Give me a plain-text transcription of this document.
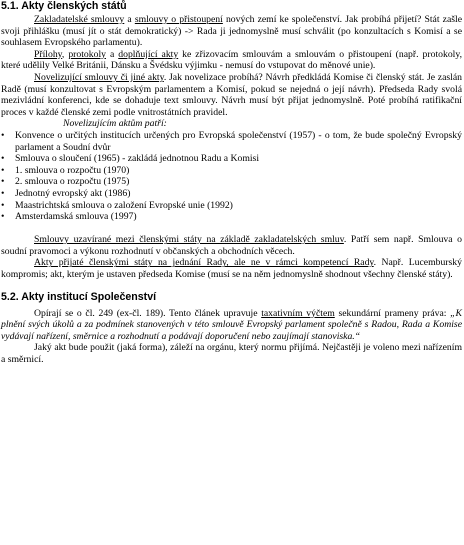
5.1. Akty členských států

Zakladatelské smlouvy a smlouvy o přistoupení nových zemí ke společenství. Jak probíhá přijetí? Stát zašle svoji přihlášku (musí jít o stát demokratický) -> Rada ji jednomyslně musí schválit (po konzultacích s Komisí a se souhlasem Evropského parlamentu).

Přílohy, protokoly a doplňující akty ke zřizovacím smlouvám a smlouvám o přistoupení (např. protokoly, které udělily Velké Británii, Dánsku a Švédsku výjimku - nemusí do vstupovat do měnové unie).

Novelizující smlouvy či jiné akty. Jak novelizace probíhá? Návrh předkládá Komise či členský stát. Je zaslán Radě (musí konzultovat s Evropským parlamentem a Komisí, pokud se nejedná o její návrh). Předseda Rady svolá mezivládní konferenci, kde se dohaduje text smlouvy. Návrh musí být přijat jednomyslně. Poté probíhá ratifikační proces v každé členské zemi podle vnitrostátních pravidel.

Novelizujícím aktům patří:

•	Konvence o určitých institucích určených pro Evropská společenství (1957) - o tom, že bude společný Evropský parlament a Soudní dvůr
•	Smlouva o sloučení (1965) - zakládá jednotnou Radu a Komisi
•	1. smlouva o rozpočtu (1970)
•	2. smlouva o rozpočtu (1975)
•	Jednotný evropský akt (1986)
•	Maastrichtská smlouva o založení Evropské unie (1992)
•	Amsterdamská smlouva (1997)

Smlouvy uzavírané mezi členskými státy na základě zakladatelských smluv. Patří sem např. Smlouva o soudní pravomoci a výkonu rozhodnutí v občanských a obchodních věcech.

Akty přijaté členskými státy na jednání Rady, ale ne v rámci kompetencí Rady. Např. Lucemburský kompromis; akt, kterým je ustaven předseda Komise (musí se na něm jednomyslně shodnout všechny členské státy).

5.2. Akty institucí Společenství

Opírají se o čl. 249 (ex-čl. 189). Tento článek upravuje taxativním výčtem sekundární prameny práva: „K plnění svých úkolů a za podmínek stanovených v této smlouvě Evropský parlament společně s Radou, Rada a Komise vydávají nařízení, směrnice a rozhodnutí a podávají doporučení nebo zaujímají stanoviska.“

Jaký akt bude použit (jaká forma), záleží na orgánu, který normu přijímá. Nejčastěji je voleno mezi nařízením a směrnicí.
